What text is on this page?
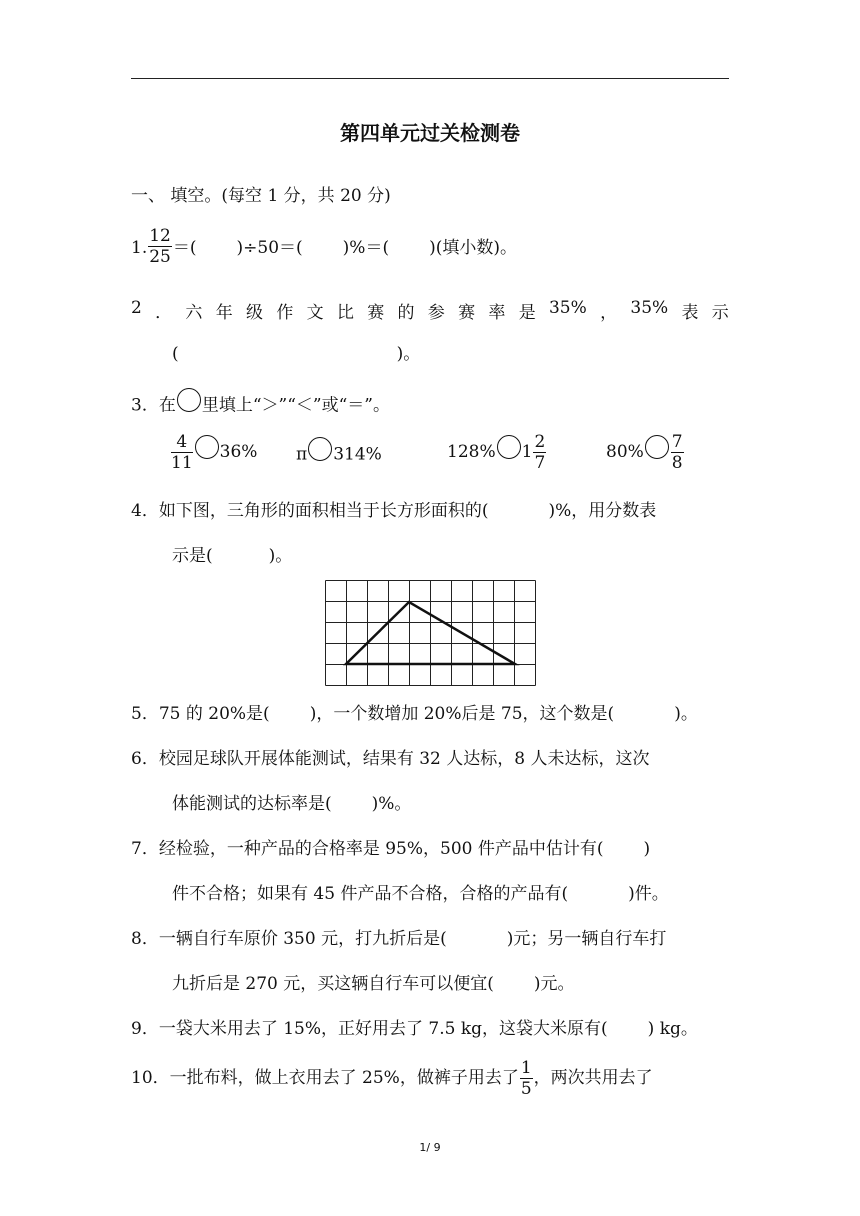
第四单元过关检测卷
一、 填空。(每空 1 分，共 20 分)
1. $\frac{12}{25}$ ＝( )÷50＝( )%＝( )(填小数)。
2 ． 六 年 级 作 文 比 赛 的 参 赛 率 是 35% ， 35% 表 示
(	)。
3．在 里填上“＞”“＜”或“＝”。
$\frac{4}{11} 36\%$ π 314%	128% $1 \frac{2}{7}$	$80\% \frac{7}{8}$
4．如下图，三角形的面积相当于长方形面积的(	)%，用分数表
示是(	)。
5．75 的 20%是( )，一个数增加 20%后是 75，这个数是(	)。
6．校园足球队开展体能测试，结果有 32 人达标，8 人未达标，这次
体能测试的达标率是( )%。
7．经检验，一种产品的合格率是 95%，500 件产品中估计有( )
件不合格；如果有 45 件产品不合格，合格的产品有(	)件。
8．一辆自行车原价 350 元，打九折后是(	)元；另一辆自行车打
九折后是 270 元，买这辆自行车可以便宜( )元。
9．一袋大米用去了 15%，正好用去了 7.5 kg，这袋大米原有( ) kg。
10．一批布料，做上衣用去了 25%，做裤子用去了 $\frac{1}{5}$ ，两次共用去了
1/ 9
